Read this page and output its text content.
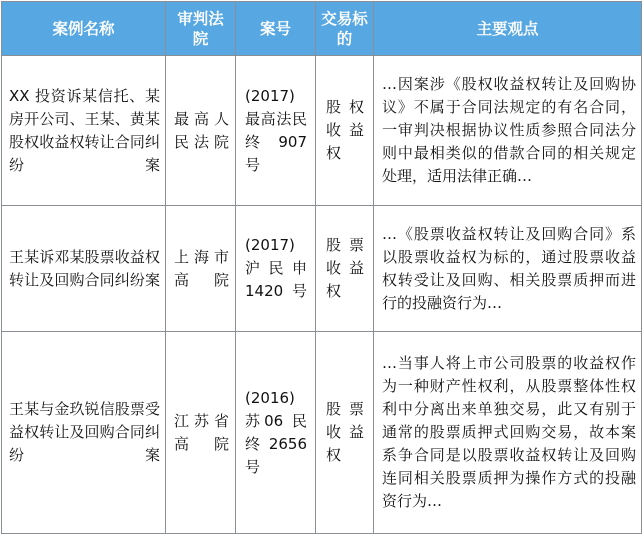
案例名称	审判法院	案号	交易标的	主要观点

XX 投资诉某信托、某房开公司、王某、黄某股权收益权转让合同纠纷案	最高人民法院	(2017)最高法民终 907 号	股权收益权	…因案涉《股权收益权转让及回购协议》不属于合同法规定的有名合同，一审判决根据协议性质参照合同法分则中最相类似的借款合同的相关规定处理，适用法律正确…

王某诉邓某股票收益权转让及回购合同纠纷案	上海市高院	(2017)沪民申 1420 号	股票收益权	…《股票收益权转让及回购合同》系以股票收益权为标的，通过股票收益权转受让及回购、相关股票质押而进行的投融资行为…

王某与金玖锐信股票受益权转让及回购合同纠纷案	江苏省高院	(2016)苏06 民终2656 号	股票收益权	…当事人将上市公司股票的收益权作为一种财产性权利，从股票整体性权利中分离出来单独交易，此又有别于通常的股票质押式回购交易，故本案系争合同是以股票收益权转让及回购连同相关股票质押为操作方式的投融资行为…
